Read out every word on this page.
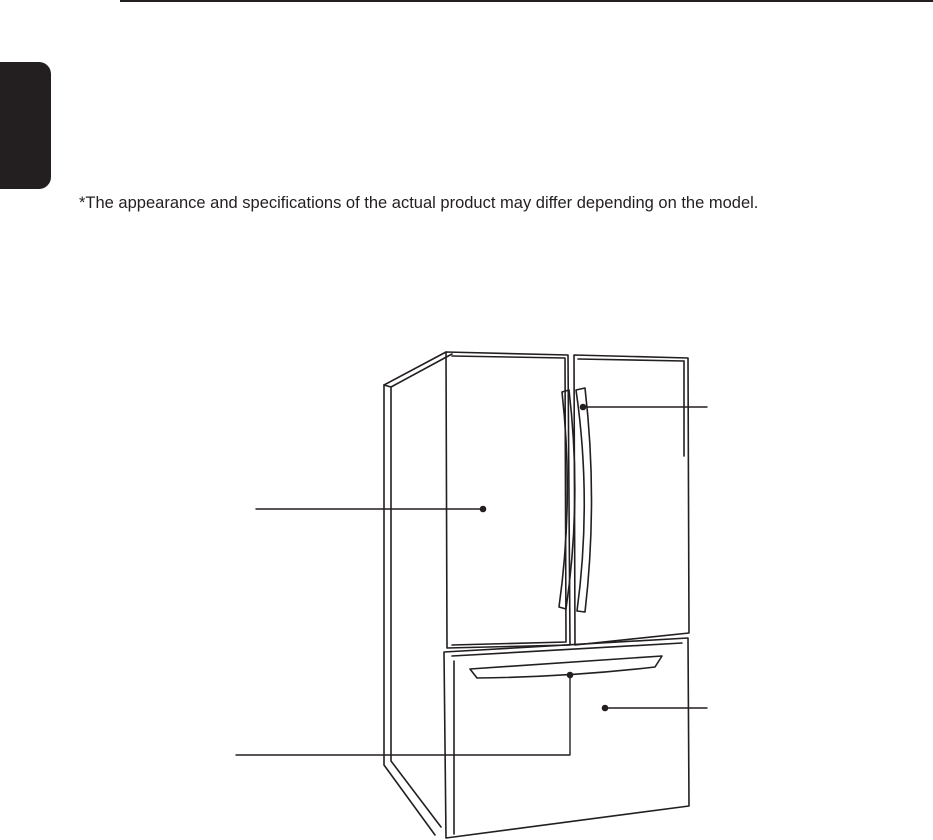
*The appearance and specifications of the actual product may differ depending on the model.
